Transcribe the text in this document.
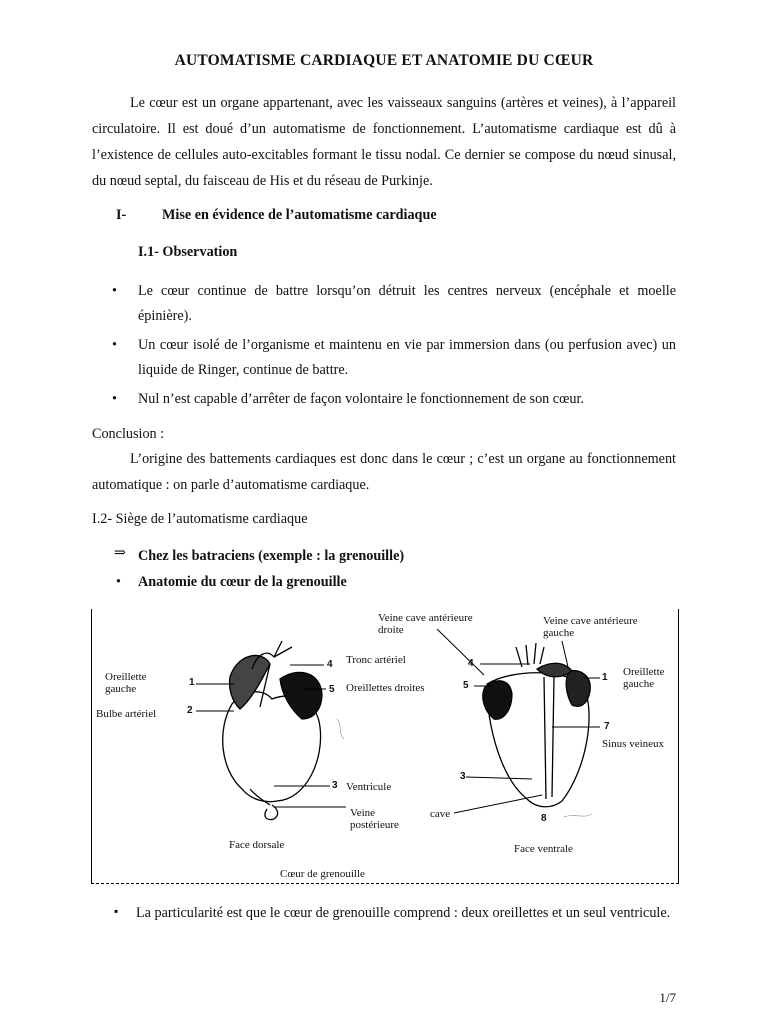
AUTOMATISME CARDIAQUE ET ANATOMIE DU CŒUR
Le cœur est un organe appartenant, avec les vaisseaux sanguins (artères et veines), à l’appareil circulatoire. Il est doué d’un automatisme de fonctionnement. L’automatisme cardiaque est dû à l’existence de cellules auto-excitables formant le tissu nodal. Ce dernier se compose du nœud sinusal, du nœud septal, du faisceau de His et du réseau de Purkinje.
I-	Mise en évidence de l’automatisme cardiaque
I.1- Observation
• Le cœur continue de battre lorsqu’on détruit les centres nerveux (encéphale et moelle épinière).
• Un cœur isolé de l’organisme et maintenu en vie par immersion dans (ou perfusion avec) un liquide de Ringer, continue de battre.
• Nul n’est capable d’arrêter de façon volontaire le fonctionnement de son cœur.
Conclusion :
L’origine des battements cardiaques est donc dans le cœur ; c’est un organe au fonctionnement automatique : on parle d’automatisme cardiaque.
I.2- Siège de l’automatisme cardiaque
⇒ Chez les batraciens (exemple : la grenouille)
• Anatomie du cœur de la grenouille
Oreillette gauche
Bulbe artériel
Tronc artériel
Oreillettes droites
Ventricule
Veine postérieure
Face dorsale
1
2
4
5
3
Veine cave antérieure droite
Veine cave antérieure gauche
Oreillette gauche
Sinus veineux
cave
Face ventrale
4
5
1
7
3
8
Cœur de grenouille
▪	La particularité est que le cœur de grenouille comprend : deux oreillettes et un seul ventricule.
1/7
